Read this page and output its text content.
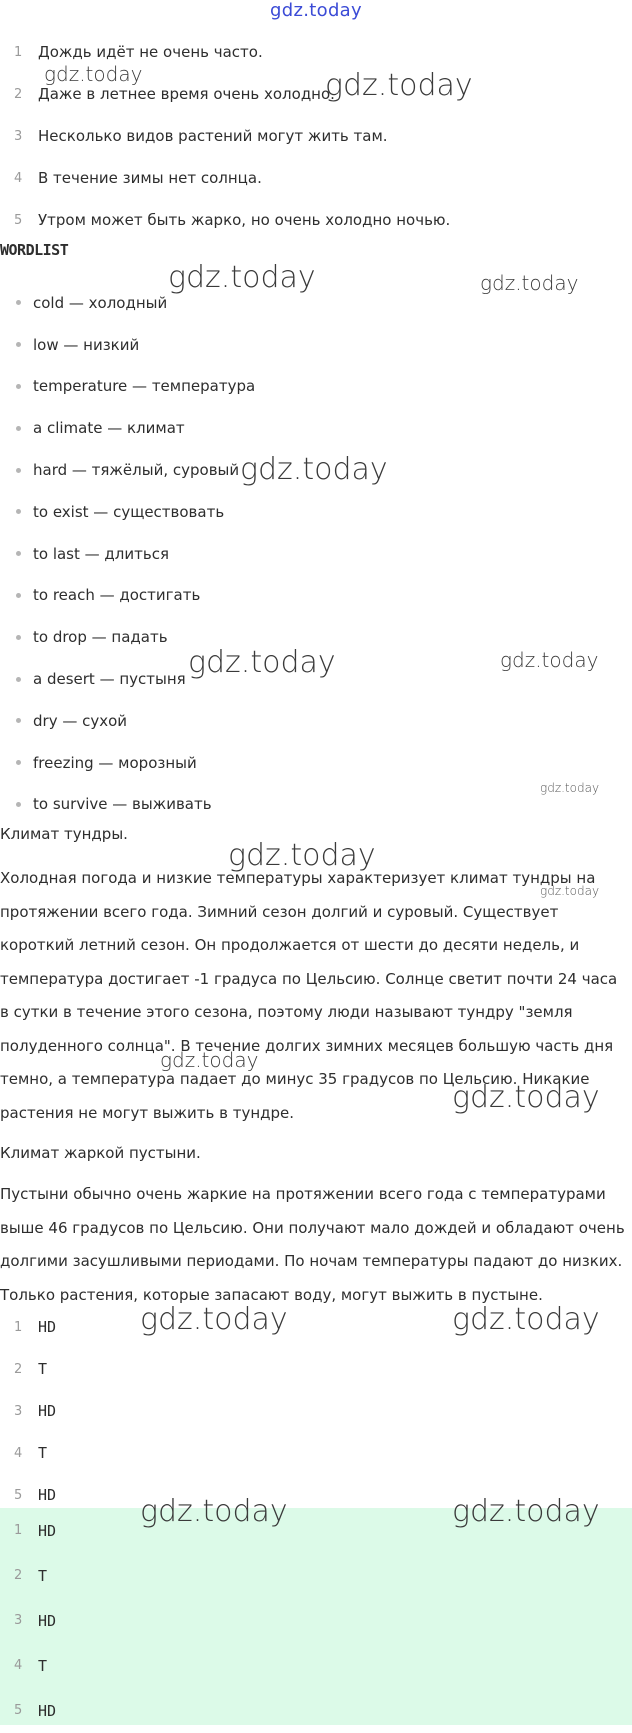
gdz.today
1	Дождь идёт не очень часто.
2	Даже в летнее время очень холодно.
3	Несколько видов растений могут жить там.
4	В течение зимы нет солнца.
5	Утром может быть жарко, но очень холодно ночью.
WORDLIST
cold — холодный
low — низкий
temperature — температура
a climate — климат
hard — тяжёлый, суровый
to exist — существовать
to last — длиться
to reach — достигать
to drop — падать
a desert — пустыня
dry — сухой
freezing — морозный
to survive — выживать
Климат тундры.
Холодная погода и низкие температуры характеризует климат тундры на протяжении всего года. Зимний сезон долгий и суровый. Существует короткий летний сезон. Он продолжается от шести до десяти недель, и температура достигает -1 градуса по Цельсию. Солнце светит почти 24 часа в сутки в течение этого сезона, поэтому люди называют тундру "земля полуденного солнца". В течение долгих зимних месяцев большую часть дня темно, а температура падает до минус 35 градусов по Цельсию. Никакие растения не могут выжить в тундре.
Климат жаркой пустыни.
Пустыни обычно очень жаркие на протяжении всего года с температурами выше 46 градусов по Цельсию. Они получают мало дождей и обладают очень долгими засушливыми периодами. По ночам температуры падают до низких. Только растения, которые запасают воду, могут выжить в пустыне.
1	HD
2	T
3	HD
4	T
5	HD
1	HD
2	T
3	HD
4	T
5	HD
gdz.today	gdz.today
gdz.today	gdz.today
gdz.today
gdz.today	gdz.today
gdz.today
gdz.today
gdz.today
gdz.today
gdz.today
gdz.today	gdz.today
gdz.today	gdz.today
